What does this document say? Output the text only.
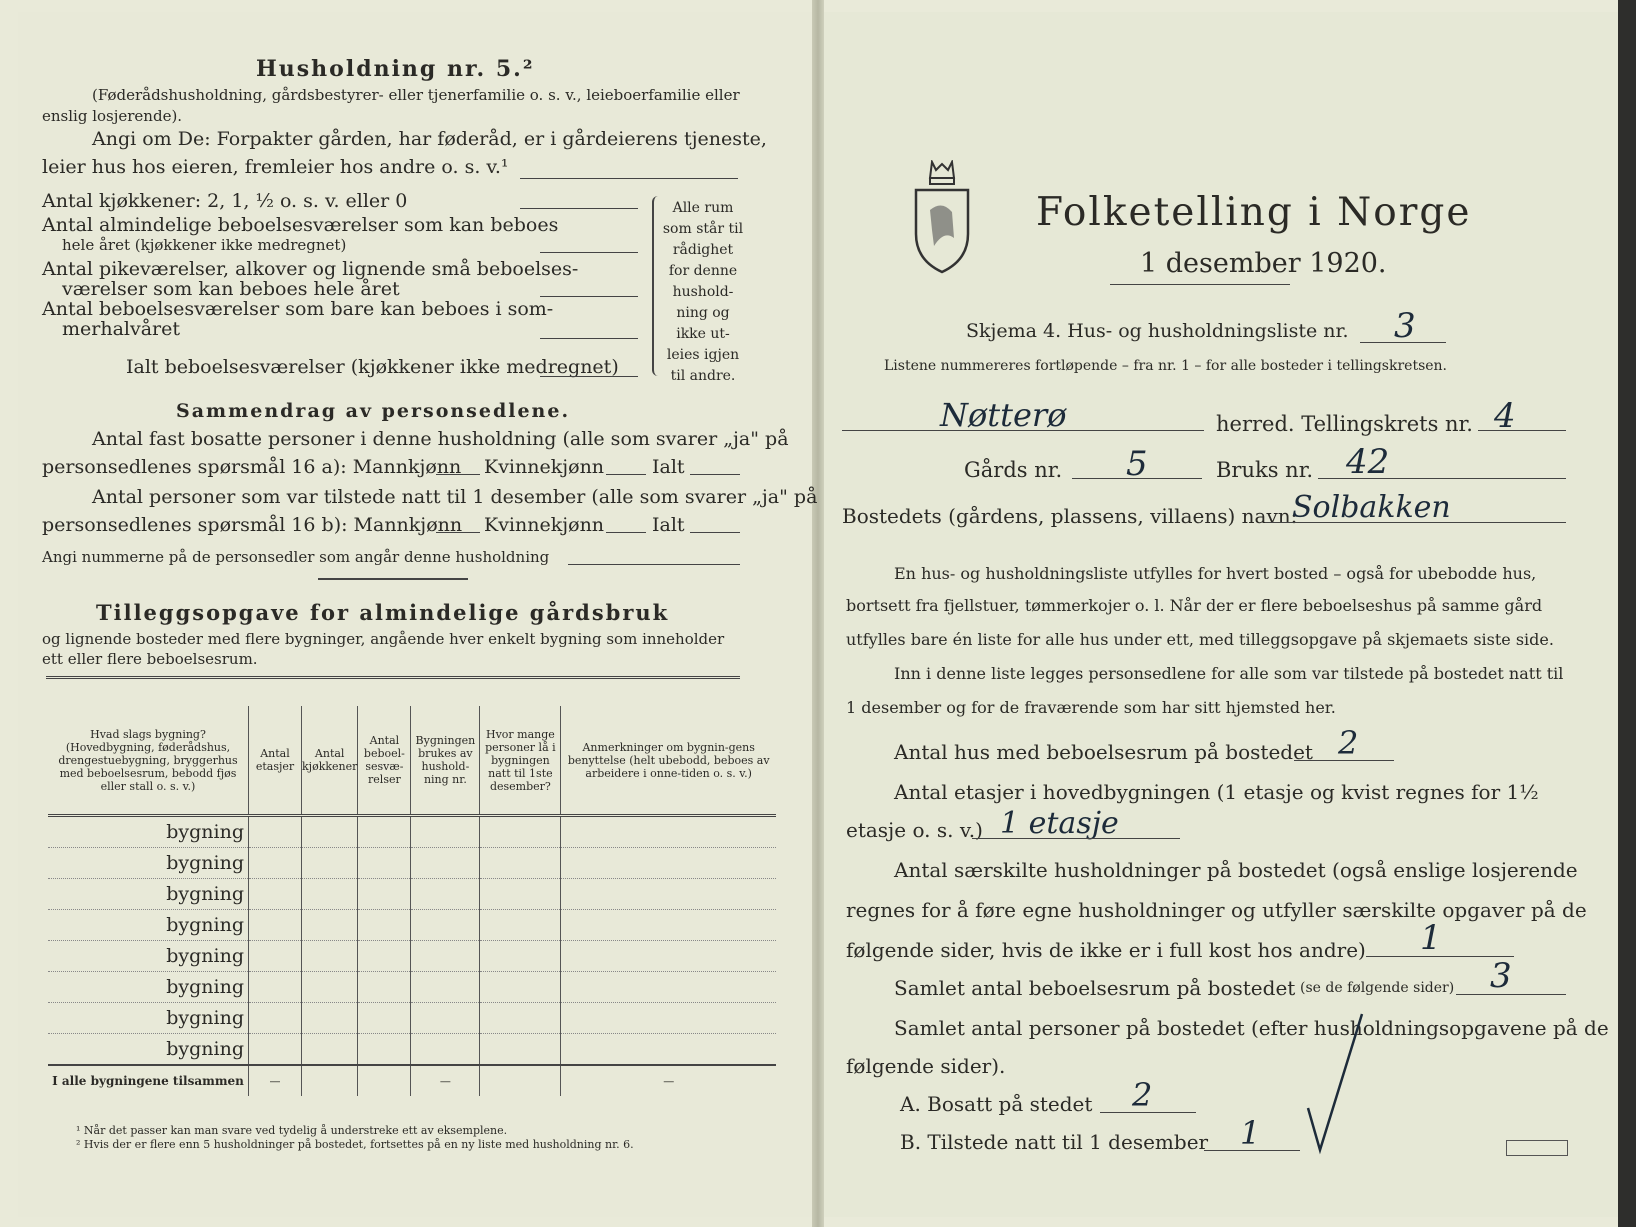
Husholdning nr. 5.²
(Føderådshusholdning, gårdsbestyrer- eller tjenerfamilie o. s. v., leieboerfamilie eller
enslig losjerende).
Angi om De: Forpakter gården, har føderåd, er i gårdeierens tjeneste,
leier hus hos eieren, fremleier hos andre o. s. v.¹
Antal kjøkkener: 2, 1, ½ o. s. v. eller 0
Antal almindelige beboelsesværelser som kan beboes
hele året (kjøkkener ikke medregnet)
Antal pikeværelser, alkover og lignende små beboelses-
værelser som kan beboes hele året
Antal beboelsesværelser som bare kan beboes i som-
merhalvåret
Ialt beboelsesværelser (kjøkkener ikke medregnet)
Alle rum
som står til
rådighet
for denne
hushold-
ning og
ikke ut-
leies igjen
til andre.
Sammendrag av personsedlene.
Antal fast bosatte personer i denne husholdning (alle som svarer „ja" på
personsedlenes spørsmål 16 a): Mannkjønn Kvinnekjønn	Ialt
Antal personer som var tilstede natt til 1 desember (alle som svarer „ja" på
personsedlenes spørsmål 16 b): Mannkjønn Kvinnekjønn	Ialt
Angi nummerne på de personsedler som angår denne husholdning
Tilleggsopgave for almindelige gårdsbruk
og lignende bosteder med flere bygninger, angående hver enkelt bygning som inneholder
ett eller flere beboelsesrum.
Hvad slags bygning? (Hovedbygning, føderådshus, drengestuebygning, bryggerhus med beboelsesrum, bebodd fjøs eller stall o. s. v.)	Antal etasjer	Antal kjøkkener	Antal beboel-sesvæ-relser	Bygningen brukes av hushold-ning nr.	Hvor mange personer lå i bygningen natt til 1ste desember?	Anmerkninger om bygnin-gens benyttelse (helt ubebodd, beboes av arbeidere i onne-tiden o. s. v.)
bygning						
bygning						
bygning						
bygning						
bygning						
bygning						
bygning						
bygning						
I alle bygningene tilsammen	—			—		—
¹ Når det passer kan man svare ved tydelig å understreke ett av eksemplene.
² Hvis der er flere enn 5 husholdninger på bostedet, fortsettes på en ny liste med husholdning nr. 6.
Folketelling i Norge
1 desember 1920.
Skjema 4. Hus- og husholdningsliste nr. 3
Listene nummereres fortløpende – fra nr. 1 – for alle bosteder i tellingskretsen.
Nøtterø	herred. Tellingskrets nr. 4
Gårds nr. 5	Bruks nr. 42
Bostedets (gårdens, plassens, villaens) navn:
Solbakken
En hus- og husholdningsliste utfylles for hvert bosted – også for ubebodde hus,
bortsett fra fjellstuer, tømmerkojer o. l. Når der er flere beboelseshus på samme gård
utfylles bare én liste for alle hus under ett, med tilleggsopgave på skjemaets siste side.
Inn i denne liste legges personsedlene for alle som var tilstede på bostedet natt til
1 desember og for de fraværende som har sitt hjemsted her.
Antal hus med beboelsesrum på bostedet 2
Antal etasjer i hovedbygningen (1 etasje og kvist regnes for 1½
etasje o. s. v.) 1 etasje
Antal særskilte husholdninger på bostedet (også enslige losjerende
regnes for å føre egne husholdninger og utfyller særskilte opgaver på de
følgende sider, hvis de ikke er i full kost hos andre) 1
Samlet antal beboelsesrum på bostedet (se de følgende sider) 3
Samlet antal personer på bostedet (efter husholdningsopgavene på de
følgende sider).
A. Bosatt på stedet 2
B. Tilstede natt til 1 desember 1
